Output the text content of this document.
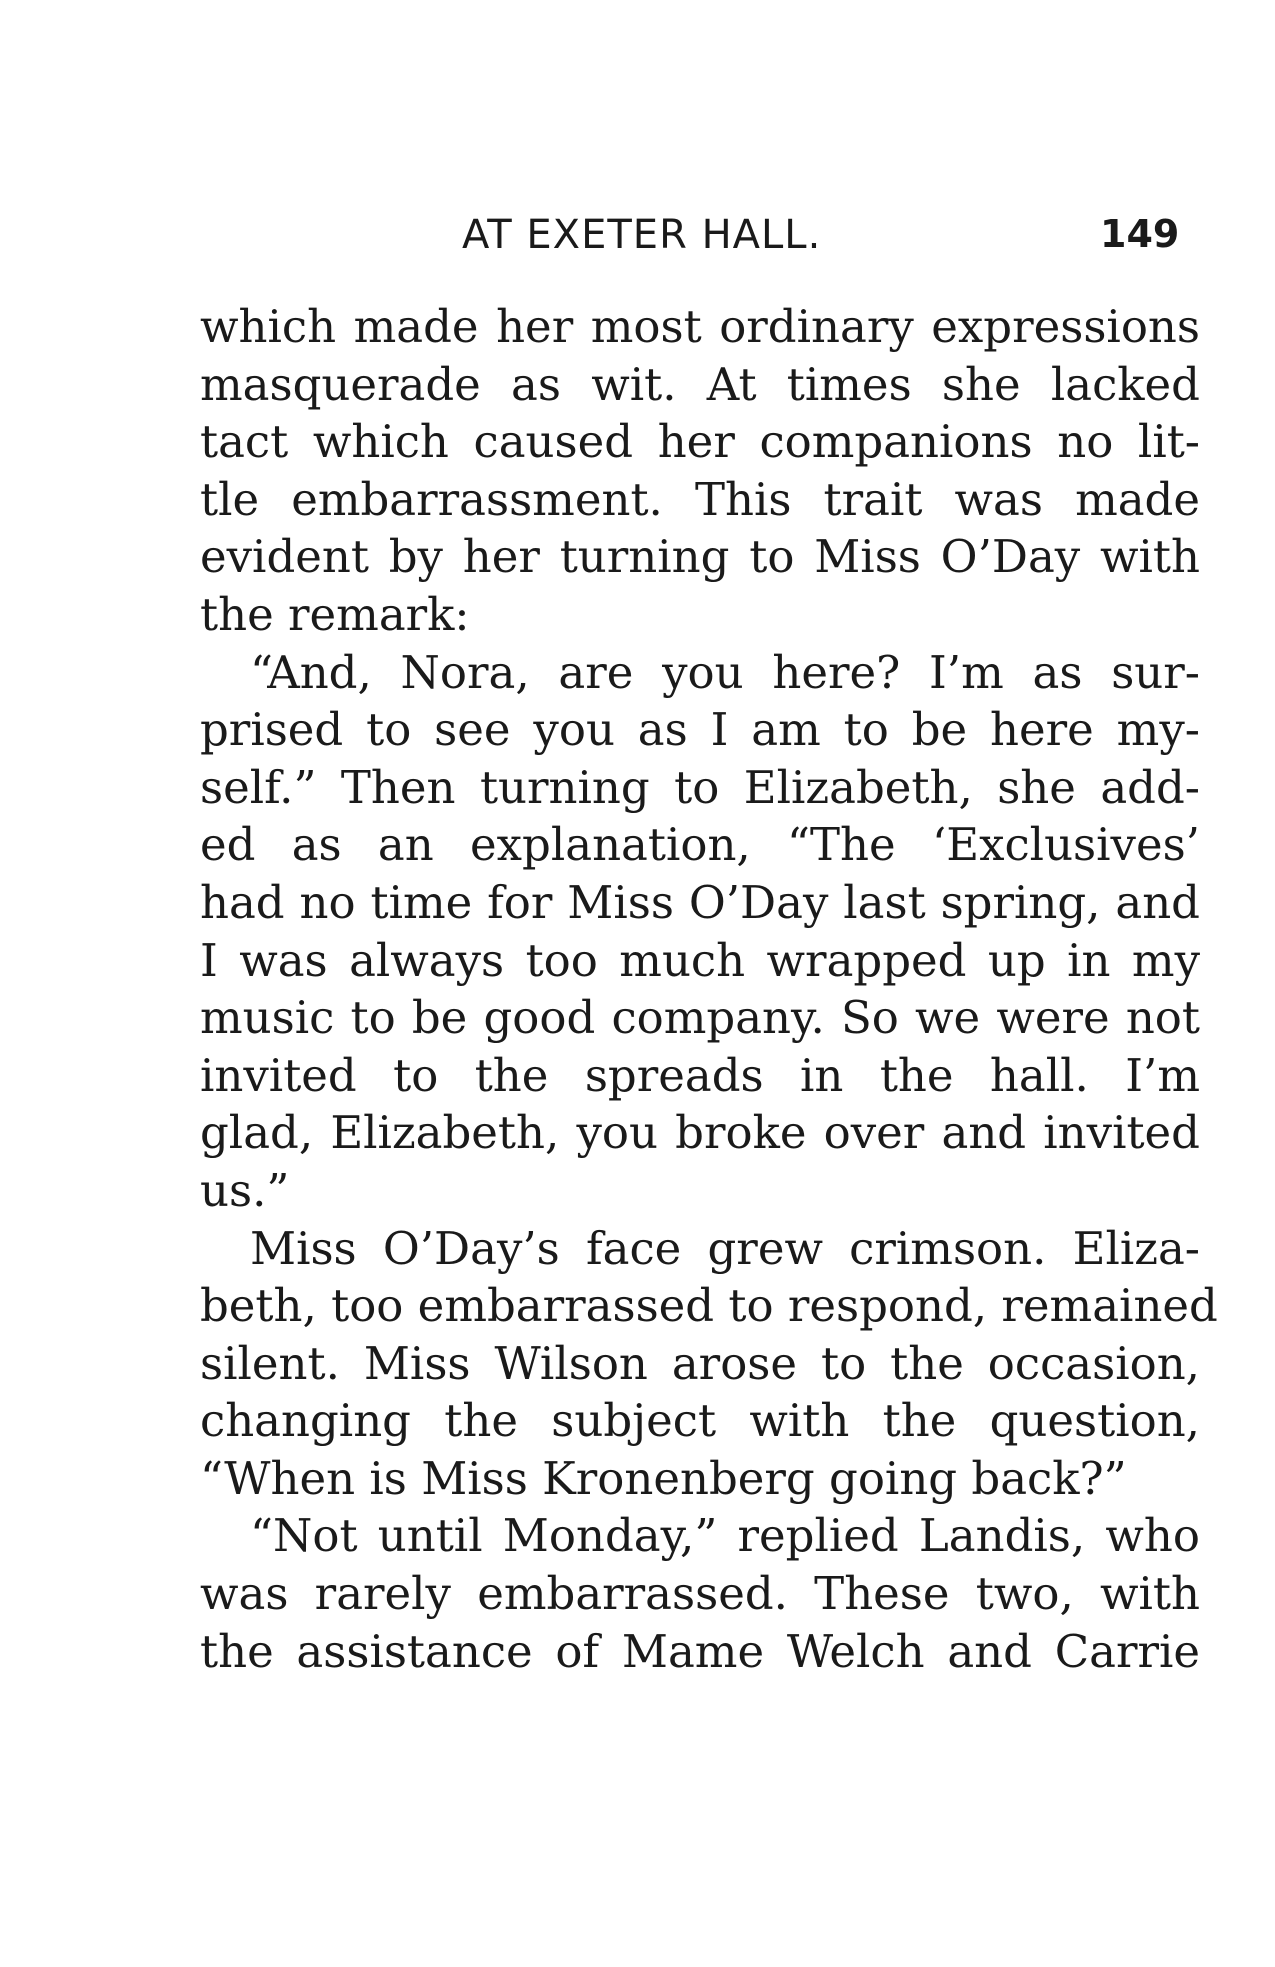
AT EXETER HALL.	149
which made her most ordinary expressions
masquerade as wit. At times she lacked
tact which caused her companions no lit-
tle embarrassment. This trait was made
evident by her turning to Miss O’Day with
the remark:
“And, Nora, are you here? I’m as sur-
prised to see you as I am to be here my-
self.” Then turning to Elizabeth, she add-
ed as an explanation, “The ‘Exclusives’
had no time for Miss O’Day last spring, and
I was always too much wrapped up in my
music to be good company. So we were not
invited to the spreads in the hall. I’m
glad, Elizabeth, you broke over and invited
us.”
Miss O’Day’s face grew crimson. Eliza-
beth, too embarrassed to respond, remained
silent. Miss Wilson arose to the occasion,
changing the subject with the question,
“When is Miss Kronenberg going back?”
“Not until Monday,” replied Landis, who
was rarely embarrassed. These two, with
the assistance of Mame Welch and Carrie
